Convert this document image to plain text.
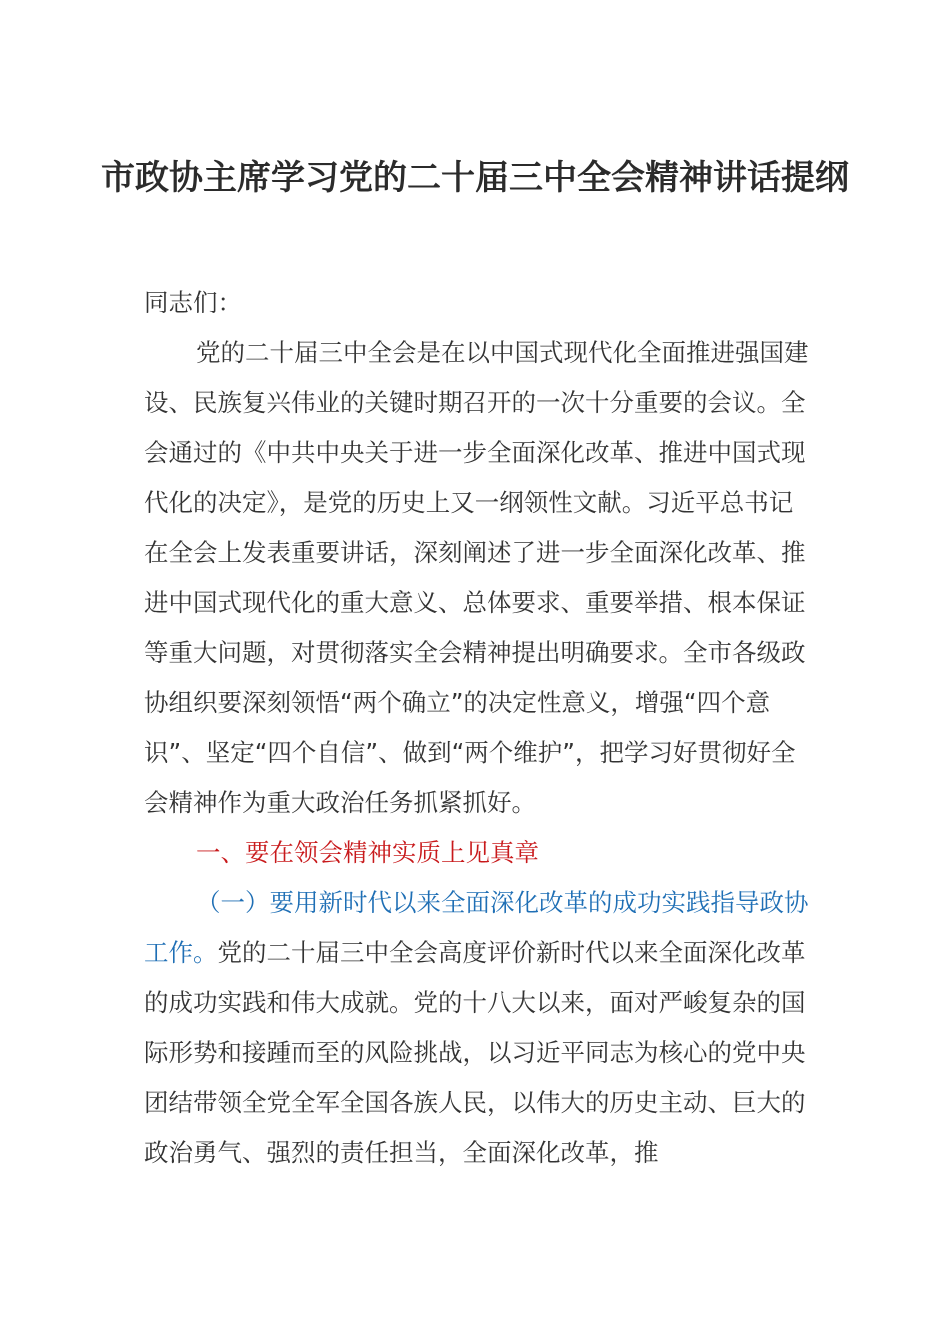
市政协主席学习党的二十届三中全会精神讲话提纲

同志们：

党的二十届三中全会是在以中国式现代化全面推进强国建设、民族复兴伟业的关键时期召开的一次十分重要的会议。全会通过的《中共中央关于进一步全面深化改革、推进中国式现代化的决定》，是党的历史上又一纲领性文献。习近平总书记在全会上发表重要讲话，深刻阐述了进一步全面深化改革、推进中国式现代化的重大意义、总体要求、重要举措、根本保证等重大问题，对贯彻落实全会精神提出明确要求。全市各级政协组织要深刻领悟“两个确立”的决定性意义，增强“四个意识”、坚定“四个自信”、做到“两个维护”，把学习好贯彻好全会精神作为重大政治任务抓紧抓好。

一、要在领会精神实质上见真章

（一）要用新时代以来全面深化改革的成功实践指导政协工作。党的二十届三中全会高度评价新时代以来全面深化改革的成功实践和伟大成就。党的十八大以来，面对严峻复杂的国际形势和接踵而至的风险挑战，以习近平同志为核心的党中央团结带领全党全军全国各族人民，以伟大的历史主动、巨大的政治勇气、强烈的责任担当，全面深化改革，推
